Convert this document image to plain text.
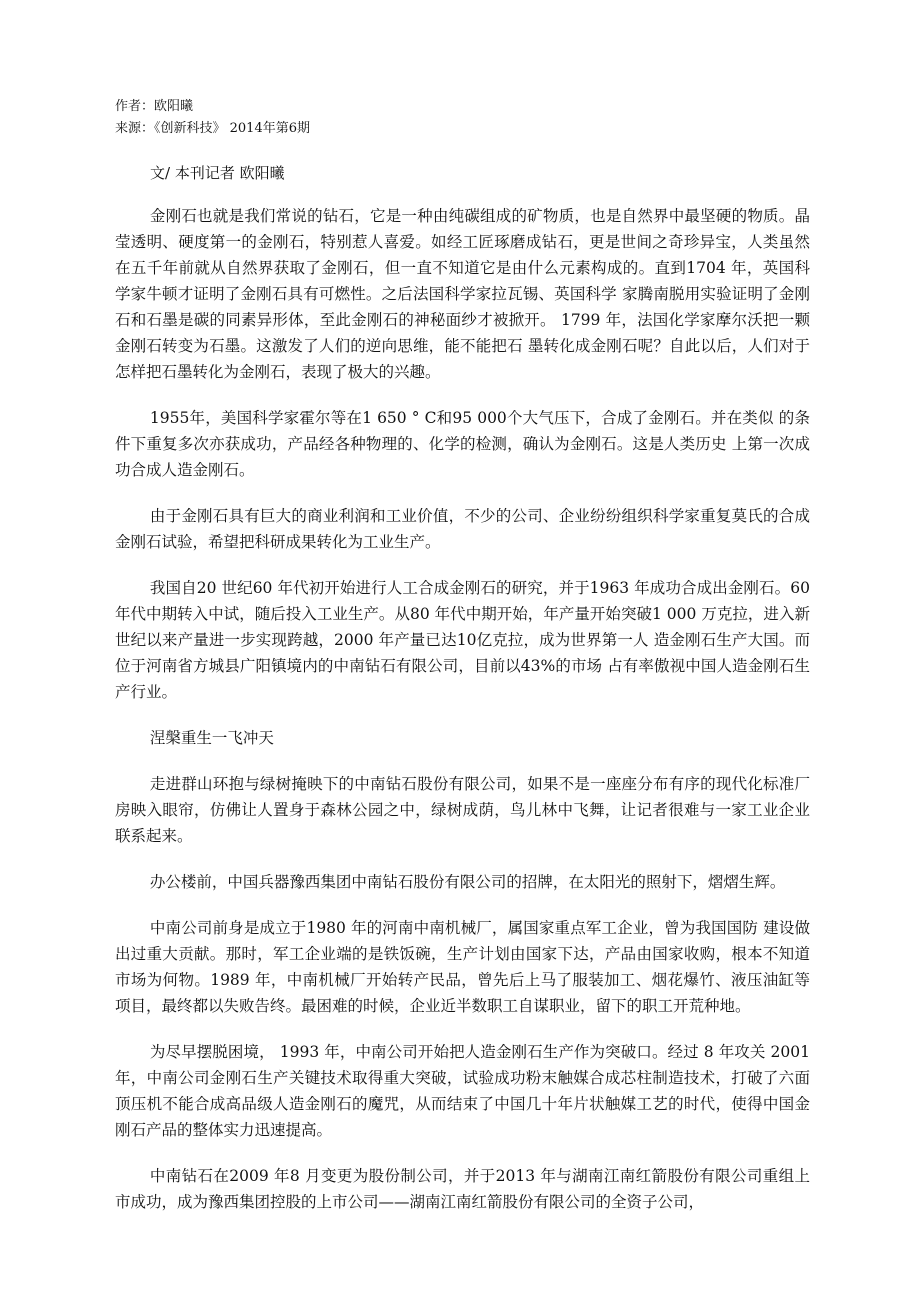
作者：欧阳曦
来源：《创新科技》 2014年第6期
文/ 本刊记者 欧阳曦

金刚石也就是我们常说的钻石，它是一种由纯碳组成的矿物质，也是自然界中最坚硬的物质。晶莹透明、硬度第一的金刚石，特别惹人喜爱。如经工匠琢磨成钻石，更是世间之奇珍异宝，人类虽然在五千年前就从自然界获取了金刚石，但一直不知道它是由什么元素构成的。直到1704 年，英国科学家牛顿才证明了金刚石具有可燃性。之后法国科学家拉瓦锡、英国科学 家腾南脱用实验证明了金刚石和石墨是碳的同素异形体，至此金刚石的神秘面纱才被掀开。 1799 年，法国化学家摩尔沃把一颗金刚石转变为石墨。这激发了人们的逆向思维，能不能把石 墨转化成金刚石呢？自此以后，人们对于怎样把石墨转化为金刚石，表现了极大的兴趣。

1955年，美国科学家霍尔等在1 650 ° C和95 000个大气压下，合成了金刚石。并在类似 的条件下重复多次亦获成功，产品经各种物理的、化学的检测，确认为金刚石。这是人类历史 上第一次成功合成人造金刚石。

由于金刚石具有巨大的商业利润和工业价值，不少的公司、企业纷纷组织科学家重复莫氏的合成金刚石试验，希望把科研成果转化为工业生产。

我国自20 世纪60 年代初开始进行人工合成金刚石的研究，并于1963 年成功合成出金刚石。60 年代中期转入中试，随后投入工业生产。从80 年代中期开始，年产量开始突破1 000 万克拉，进入新世纪以来产量进一步实现跨越，2000 年产量已达10亿克拉，成为世界第一人 造金刚石生产大国。而位于河南省方城县广阳镇境内的中南钻石有限公司，目前以43%的市场 占有率傲视中国人造金刚石生产行业。

涅槃重生一飞冲天

走进群山环抱与绿树掩映下的中南钻石股份有限公司，如果不是一座座分布有序的现代化标准厂房映入眼帘，仿佛让人置身于森林公园之中，绿树成荫，鸟儿林中飞舞，让记者很难与一家工业企业联系起来。

办公楼前，中国兵器豫西集团中南钻石股份有限公司的招牌，在太阳光的照射下，熠熠生辉。

中南公司前身是成立于1980 年的河南中南机械厂，属国家重点军工企业，曾为我国国防 建设做出过重大贡献。那时，军工企业端的是铁饭碗，生产计划由国家下达，产品由国家收购，根本不知道市场为何物。1989 年，中南机械厂开始转产民品，曾先后上马了服装加工、烟花爆竹、液压油缸等项目，最终都以失败告终。最困难的时候，企业近半数职工自谋职业，留下的职工开荒种地。

为尽早摆脱困境， 1993 年，中南公司开始把人造金刚石生产作为突破口。经过 8 年攻关 2001 年，中南公司金刚石生产关键技术取得重大突破，试验成功粉末触媒合成芯柱制造技术，打破了六面顶压机不能合成高品级人造金刚石的魔咒，从而结束了中国几十年片状触媒工艺的时代，使得中国金刚石产品的整体实力迅速提高。

中南钻石在2009 年8 月变更为股份制公司，并于2013 年与湖南江南红箭股份有限公司重组上市成功，成为豫西集团控股的上市公司——湖南江南红箭股份有限公司的全资子公司，
